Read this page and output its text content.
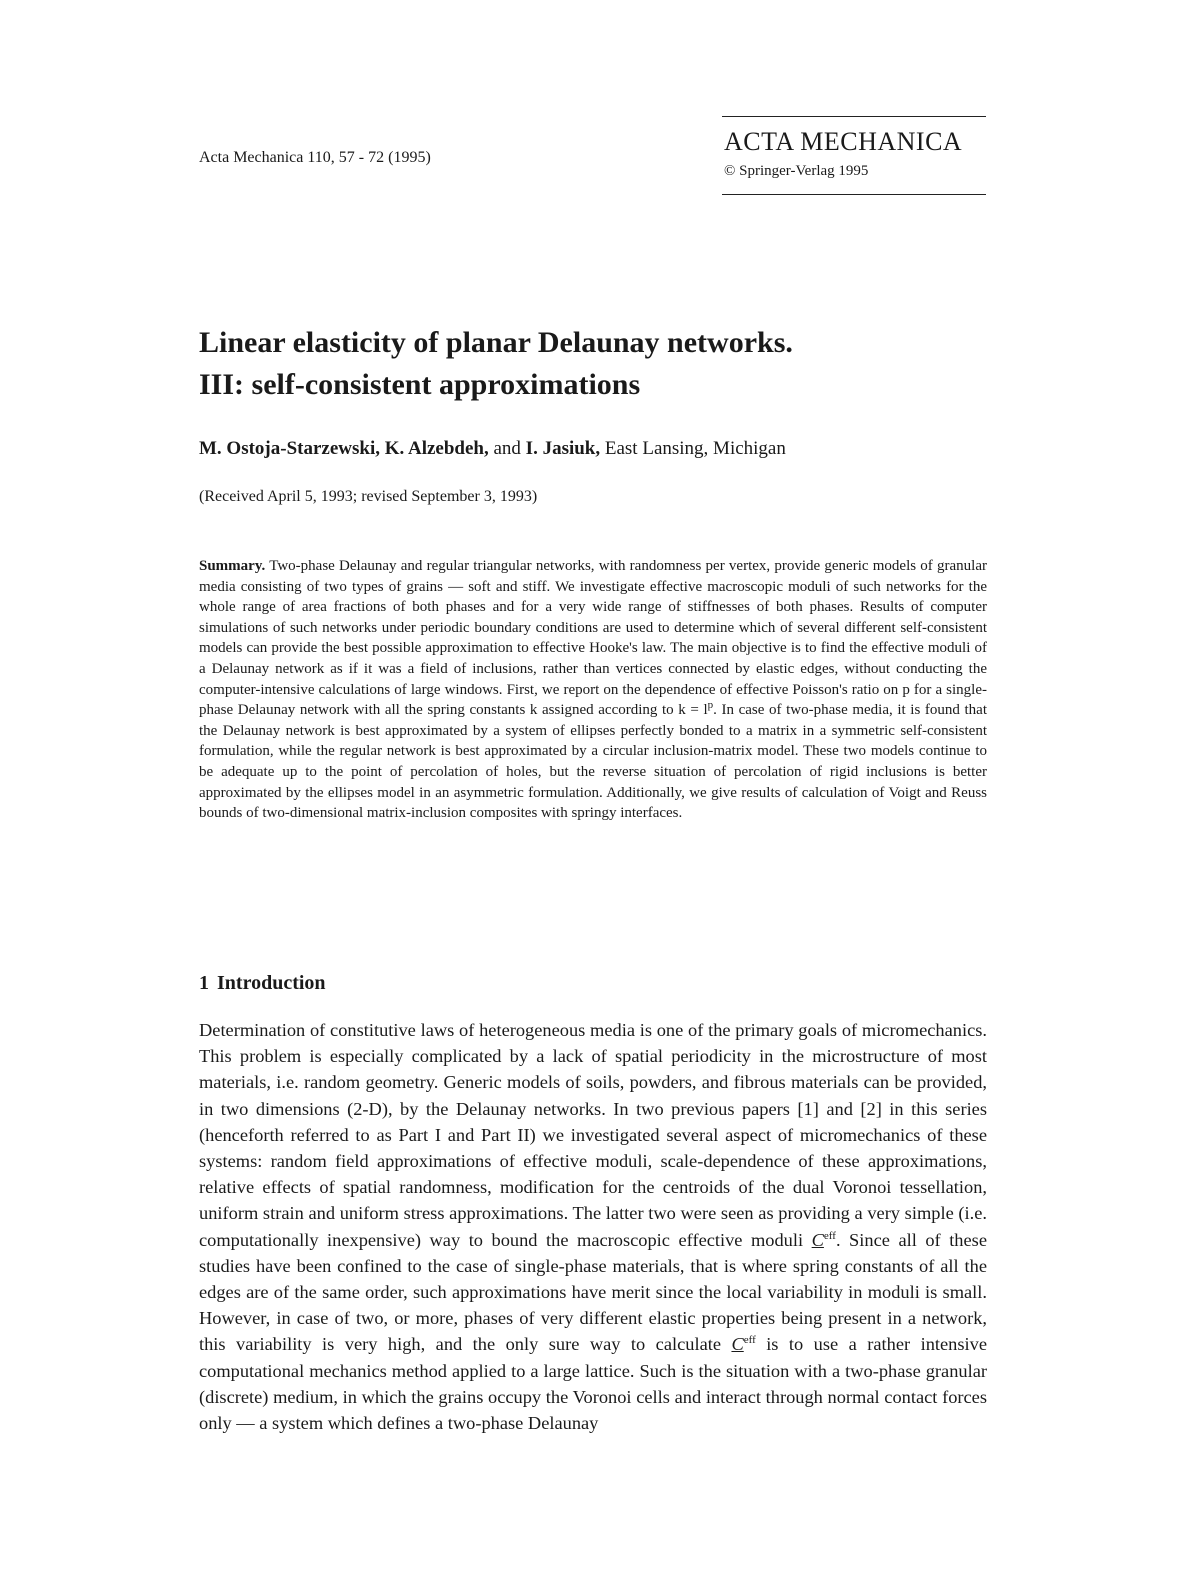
Acta Mechanica 110, 57 - 72 (1995)
ACTA MECHANICA
© Springer-Verlag 1995
Linear elasticity of planar Delaunay networks.
III: self-consistent approximations
M. Ostoja-Starzewski, K. Alzebdeh, and I. Jasiuk, East Lansing, Michigan
(Received April 5, 1993; revised September 3, 1993)
Summary. Two-phase Delaunay and regular triangular networks, with randomness per vertex, provide generic models of granular media consisting of two types of grains — soft and stiff. We investigate effective macroscopic moduli of such networks for the whole range of area fractions of both phases and for a very wide range of stiffnesses of both phases. Results of computer simulations of such networks under periodic boundary conditions are used to determine which of several different self-consistent models can provide the best possible approximation to effective Hooke's law. The main objective is to find the effective moduli of a Delaunay network as if it was a field of inclusions, rather than vertices connected by elastic edges, without conducting the computer-intensive calculations of large windows. First, we report on the dependence of effective Poisson's ratio on p for a single-phase Delaunay network with all the spring constants k assigned according to $k = l^p$. In case of two-phase media, it is found that the Delaunay network is best approximated by a system of ellipses perfectly bonded to a matrix in a symmetric self-consistent formulation, while the regular network is best approximated by a circular inclusion-matrix model. These two models continue to be adequate up to the point of percolation of holes, but the reverse situation of percolation of rigid inclusions is better approximated by the ellipses model in an asymmetric formulation. Additionally, we give results of calculation of Voigt and Reuss bounds of two-dimensional matrix-inclusion composites with springy interfaces.
1 Introduction
Determination of constitutive laws of heterogeneous media is one of the primary goals of micromechanics. This problem is especially complicated by a lack of spatial periodicity in the microstructure of most materials, i.e. random geometry. Generic models of soils, powders, and fibrous materials can be provided, in two dimensions (2-D), by the Delaunay networks. In two previous papers [1] and [2] in this series (henceforth referred to as Part I and Part II) we investigated several aspect of micromechanics of these systems: random field approximations of effective moduli, scale-dependence of these approximations, relative effects of spatial randomness, modification for the centroids of the dual Voronoi tessellation, uniform strain and uniform stress approximations. The latter two were seen as providing a very simple (i.e. computationally inexpensive) way to bound the macroscopic effective moduli $C^{eff}$. Since all of these studies have been confined to the case of single-phase materials, that is where spring constants of all the edges are of the same order, such approximations have merit since the local variability in moduli is small. However, in case of two, or more, phases of very different elastic properties being present in a network, this variability is very high, and the only sure way to calculate $C^{eff}$ is to use a rather intensive computational mechanics method applied to a large lattice. Such is the situation with a two-phase granular (discrete) medium, in which the grains occupy the Voronoi cells and interact through normal contact forces only — a system which defines a two-phase Delaunay
